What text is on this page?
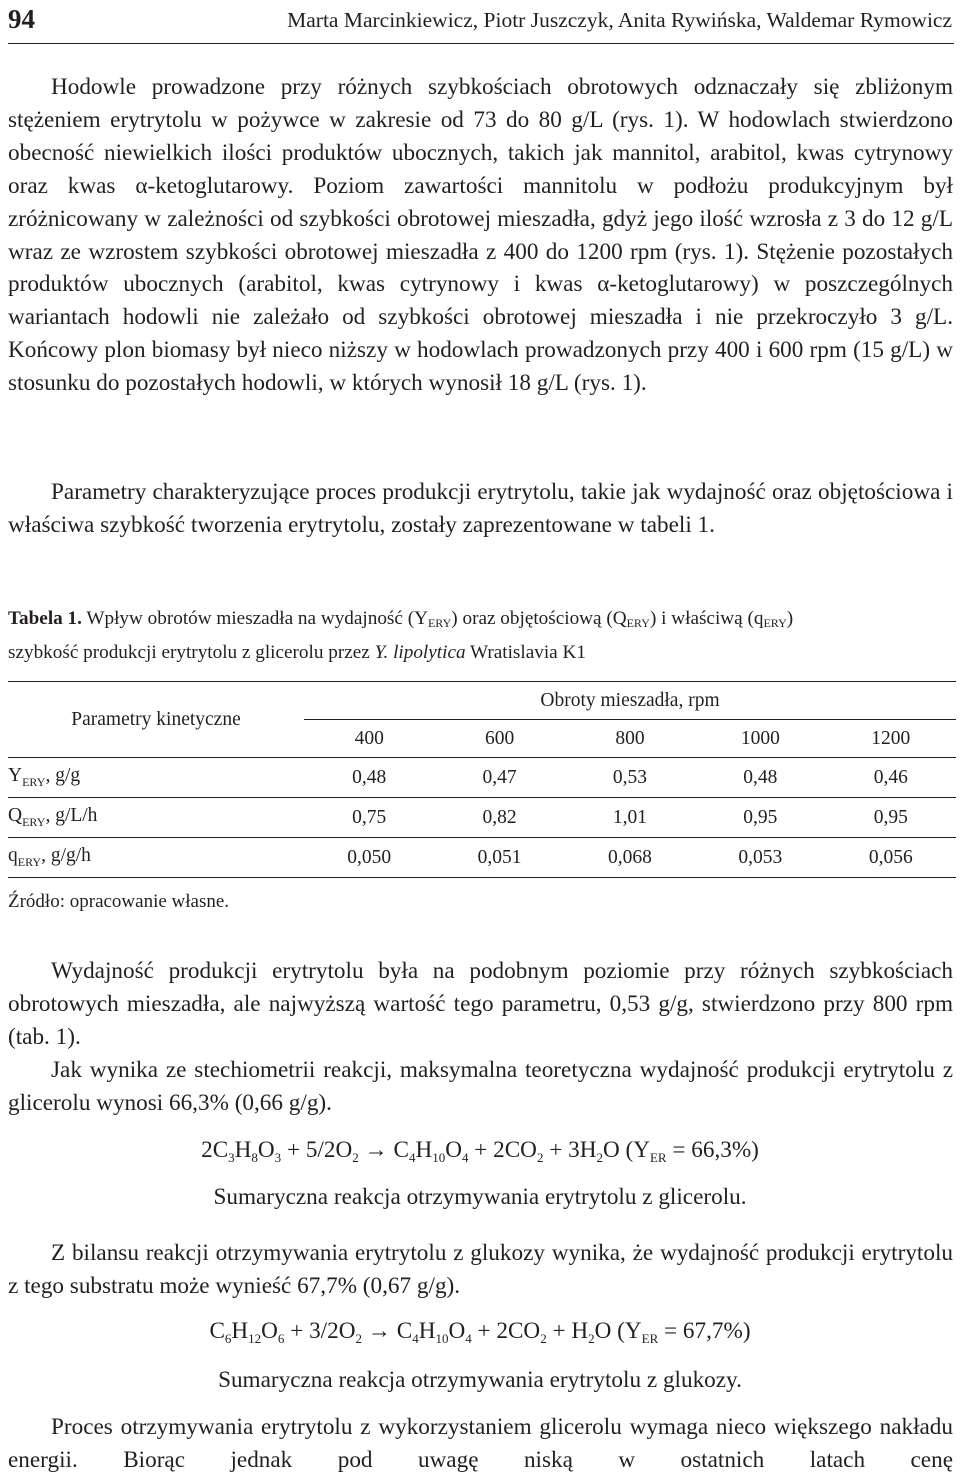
94	Marta Marcinkiewicz, Piotr Juszczyk, Anita Rywińska, Waldemar Rymowicz

Hodowle prowadzone przy różnych szybkościach obrotowych odznaczały się zbliżonym stężeniem erytrytolu w pożywce w zakresie od 73 do 80 g/L (rys. 1). W hodowlach stwierdzono obecność niewielkich ilości produktów ubocznych, takich jak mannitol, arabitol, kwas cytrynowy oraz kwas α-ketoglutarowy. Poziom zawartości mannitolu w podłożu produkcyjnym był zróżnicowany w zależności od szybkości obrotowej mieszadła, gdyż jego ilość wzrosła z 3 do 12 g/L wraz ze wzrostem szybkości obrotowej mieszadła z 400 do 1200 rpm (rys. 1). Stężenie pozostałych produktów ubocznych (arabitol, kwas cytrynowy i kwas α-ketoglutarowy) w poszczególnych wariantach hodowli nie zależało od szybkości obrotowej mieszadła i nie przekroczyło 3 g/L. Końcowy plon biomasy był nieco niższy w hodowlach prowadzonych przy 400 i 600 rpm (15 g/L) w stosunku do pozostałych hodowli, w których wynosił 18 g/L (rys. 1).

Parametry charakteryzujące proces produkcji erytrytolu, takie jak wydajność oraz objętościowa i właściwa szybkość tworzenia erytrytolu, zostały zaprezentowane w tabeli 1.

Tabela 1. Wpływ obrotów mieszadła na wydajność $(Y_{ERY})$ oraz objętościową $(Q_{ERY})$ i właściwą $(q_{ERY})$
szybkość produkcji erytrytolu z glicerolu przez Y. lipolytica Wratislavia K1
Parametry kinetyczne	Obroty mieszadła, rpm				
	400	600	800	1000	1200
$Y_{ERY}$, g/g	0,48	0,47	0,53	0,48	0,46
$Q_{ERY}$, g/L/h	0,75	0,82	1,01	0,95	0,95
$q_{ERY}$, g/g/h	0,050	0,051	0,068	0,053	0,056
Źródło: opracowanie własne.

Wydajność produkcji erytrytolu była na podobnym poziomie przy różnych szybkościach obrotowych mieszadła, ale najwyższą wartość tego parametru, 0,53 g/g, stwierdzono przy 800 rpm (tab. 1).

Jak wynika ze stechiometrii reakcji, maksymalna teoretyczna wydajność produkcji erytrytolu z glicerolu wynosi 66,3% (0,66 g/g).

$2C_3H_8O_3 + 5/2O_2 \to C_4H_{10}O_4 + 2CO_2 + 3H_2O$ $(Y_{ER} = 66,3\%)$
Sumaryczna reakcja otrzymywania erytrytolu z glicerolu.

Z bilansu reakcji otrzymywania erytrytolu z glukozy wynika, że wydajność produkcji erytrytolu z tego substratu może wynieść 67,7% (0,67 g/g).

$C_6H_{12}O_6 + 3/2O_2 \to C_4H_{10}O_4 + 2CO_2 + H_2O$ $(Y_{ER} = 67,7\%)$
Sumaryczna reakcja otrzymywania erytrytolu z glukozy.

Proces otrzymywania erytrytolu z wykorzystaniem glicerolu wymaga nieco większego nakładu energii. Biorąc jednak pod uwagę niską w ostatnich latach cenę
